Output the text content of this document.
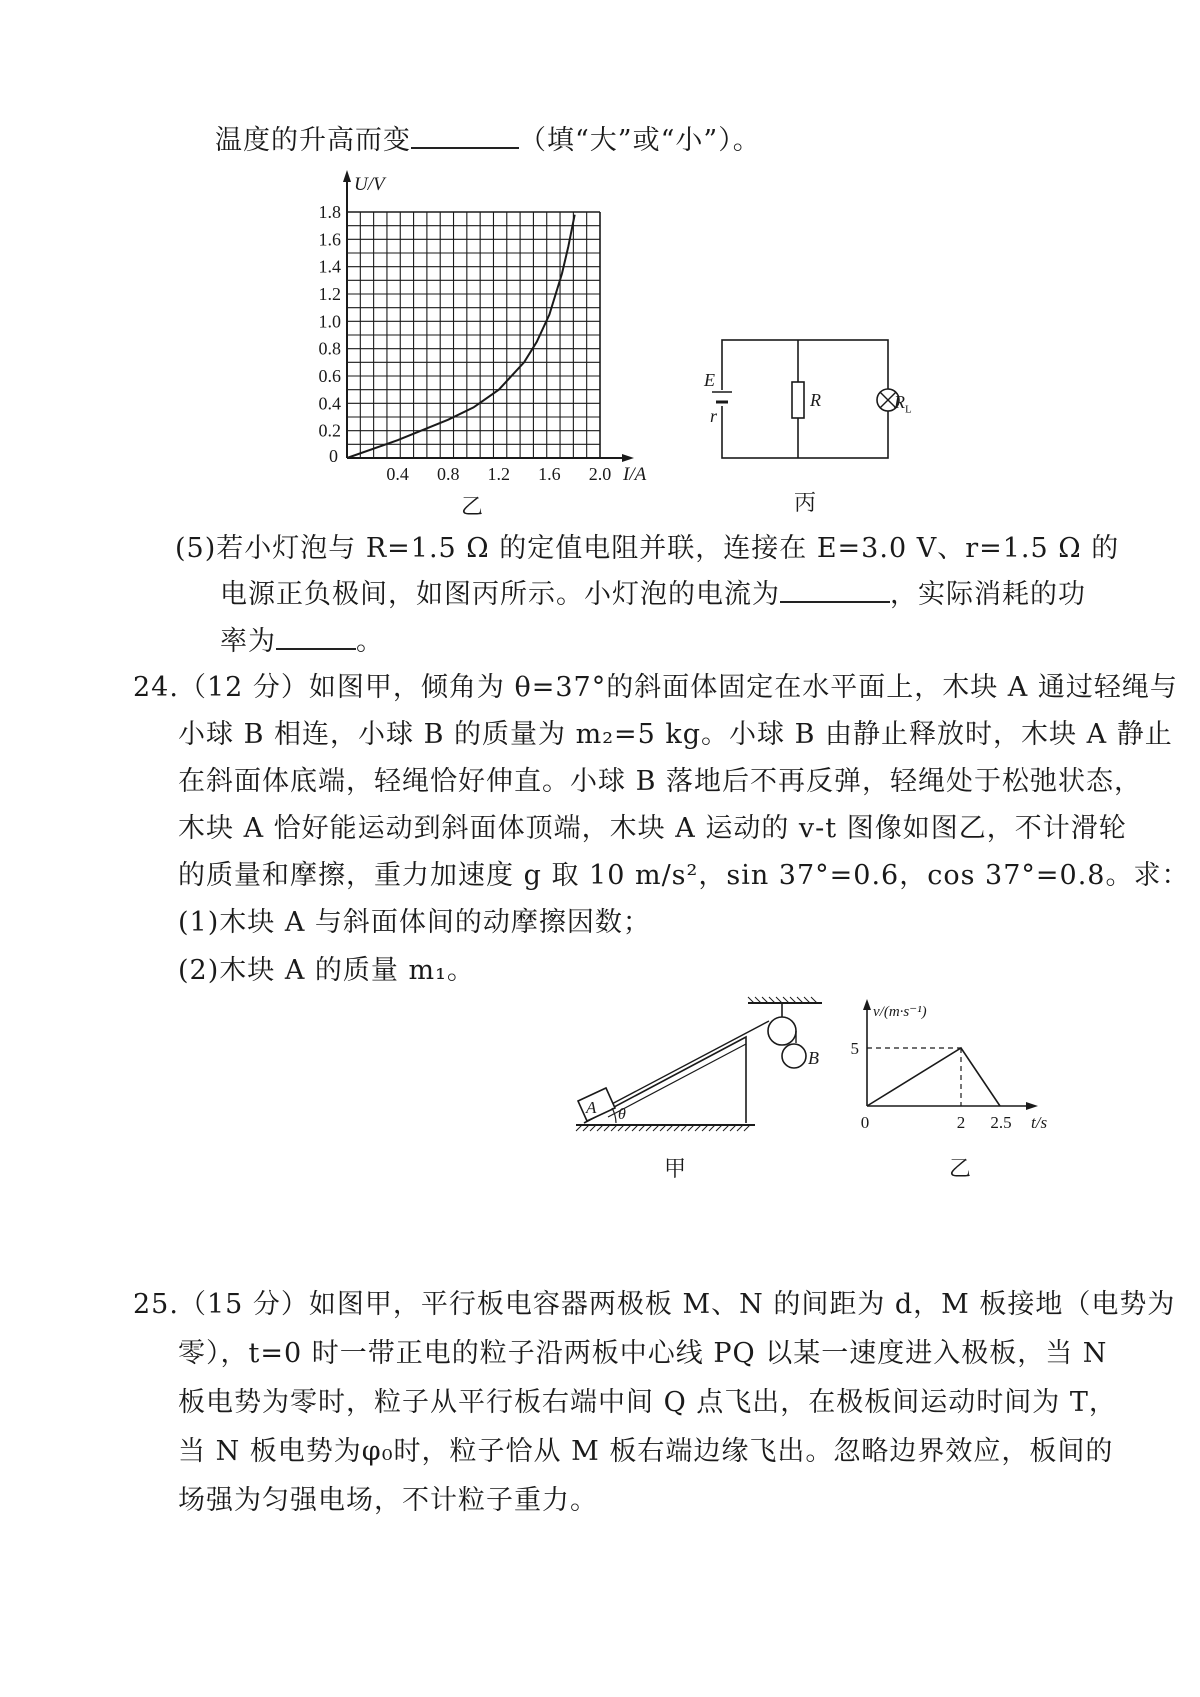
温度的升高而变	（填“大”或“小”）。
U/V
0
I/A
1.8
1.6
1.4
1.2
1.0
0.8
0.6
0.4
0.2
0.4 0.8 1.2 1.6 2.0
乙
E
r
R	$R_L$
丙
(5)若小灯泡与 R=1.5 Ω 的定值电阻并联，连接在 E=3.0 V、r=1.5 Ω 的
电源正负极间，如图丙所示。小灯泡的电流为	，实际消耗的功
率为	。
24.（12 分）如图甲，倾角为 θ=37°的斜面体固定在水平面上，木块 A 通过轻绳与
小球 B 相连，小球 B 的质量为 m₂=5 kg。小球 B 由静止释放时，木块 A 静止
在斜面体底端，轻绳恰好伸直。小球 B 落地后不再反弹，轻绳处于松弛状态，
木块 A 恰好能运动到斜面体顶端，木块 A 运动的 v-t 图像如图乙，不计滑轮
的质量和摩擦，重力加速度 g 取 10 m/s²，sin 37°=0.6，cos 37°=0.8。求：
(1)木块 A 与斜面体间的动摩擦因数；
(2)木块 A 的质量 m₁。
B
A θ
甲
v/(m·s⁻¹)
5
0	2 2.5 t/s
乙
25.（15 分）如图甲，平行板电容器两极板 M、N 的间距为 d，M 板接地（电势为
零），t=0 时一带正电的粒子沿两板中心线 PQ 以某一速度进入极板，当 N
板电势为零时，粒子从平行板右端中间 Q 点飞出，在极板间运动时间为 T，
当 N 板电势为φ₀时，粒子恰从 M 板右端边缘飞出。忽略边界效应，板间的
场强为匀强电场，不计粒子重力。
